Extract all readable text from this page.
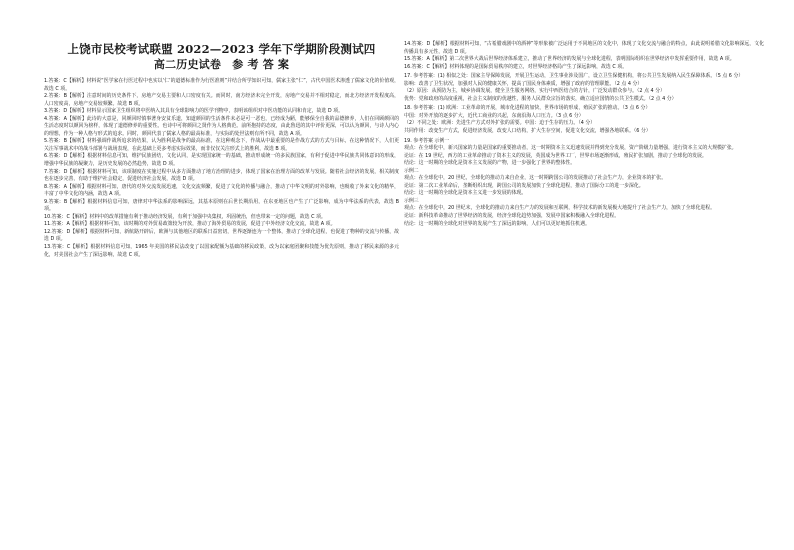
上饶市民校考试联盟 2022—2023 学年下学期阶段测试四
高二历史试卷　参 考 答 案

1.答案：C【解析】材料说“医学家在行医过程中也实以‘仁’的道德标准作为行医准则”并结合所学知识可知，儒家主张“仁”，古代中国医术渗透了儒家文化的价值观，故选 C 项。

2.答案：B【解析】注意时间的历史条件下，房地产交易主要和人口密度有关。而同时，南方经济未完全开发，房地产交易并不相对稳定，而北方经济开发程度高，人口密度高，房地产交易较频繁。故选 B 项。

3.答案：D【解析】材料显示国家卫生组织将中医纳入其具有全球影响力的医学刊物中，表明该组织对中医功能的认同和肯定，故选 D 项。

4.答案：A【解析】此诗的大意是，同颜回时慎事著身安贫乐道，知道颜回的生活条件未必是可一恶也，已经成为陋，能够保全自我的品德修养，人们在回顾颜回的生活态度时以颜回为榜样，体现了道德修养的重要性。也诗中可将颜回之贤作为人格典范。前所抱持的态度，由此鲁迅的其中评价更深，可以认为颜回，与诗人内心的理想，作为一种人格与形式的追求。同时，颜回代表了儒家人格的最高标准，与实际的处世法则有所不同，故选 A 项。

5.答案：B【解析】材料强调作战所追求的结果，认为胜利是战争的最高标准，在这种观念下，作战从中最重要的是作战方式的方式与目标，在这种情况下，人们更关注军事战术中的战斗部署与战场表现，在此基础上更多考虑实际效果，而非仅仅关注形式上的胜利，故选 B 项。

6.答案：D【解析】根据材料信息可知，维护民族团结，文化认同，是实现国家统一的基础，推动形成统一的多民族国家，有利于促进中华民族共同体意识的形成，增强中华民族的凝聚力，是历史发展的必然趋势，故选 D 项。

7.答案：D【解析】根据材料可知，该项制度在实施过程中从多方面推动了地方治理的进步，体现了国家在治理方面的改革与发展。随着社会经济的发展，相关制度也在逐步完善，有助于维护社会稳定，促进经济社会发展，故选 D 项。

8.答案：A【解析】根据材料可知，唐代的对外交流发展迅速，文化交流频繁，促进了文化的传播与融合，推动了中华文明的对外影响，也吸收了外来文化的精华，丰富了中华文化的内涵，故选 A 项。

9.答案：B【解析】根据材料信息可知，唐律对中华法系的影响深远，其基本原则在后世长期沿用，在东亚地区也产生了广泛影响，成为中华法系的代表，故选 B 项。

10.答案：C【解析】材料中的改革措施有利于推动经济发展，有利于加强中央集权，巩固统治，但也带来一定的问题，故选 C 项。

11.答案：A【解析】根据材料可知，该时期的对外贸易政策较为开放，推动了海外贸易的发展，促进了中外经济文化交流，故选 A 项。

12.答案：D【解析】根据材料可知，新航路开辟后，欧洲与其他地区的联系日益密切，世界逐渐连为一个整体，推动了全球化进程，也促进了物种的交流与传播，故选 D 项。

13.答案：C【解析】根据材料信息可知，1965 年美国的移民法改变了以国家配额为基础的移民政策，改为以家庭团聚和技能为优先原则，推动了移民来源的多元化，对美国社会产生了深远影响，故选 C 项。

14.答案：D【解析】根据材料可知，“古希腊戏剧中的酒神”等形象被广泛运用于不同地区的文化中，体现了文化交流与融合的特点，由此说明希腊文化影响深远，文化传播具有多元性，故选 D 项。

15.答案：A【解析】第二次世界大战后世界经济体系建立，推动了世界经济的发展与全球化进程，表明国际组织在世界经济中发挥重要作用，故选 A 项。

16.答案：C【解析】材料体现的是国际贸易秩序的建立，对世界经济格局产生了深远影响，故选 C 项。

17. 参考答案：(1) 相似之处：国家主导保障发展，开展卫生运动，卫生事业涉及国广，设立卫生保健机构，将公共卫生发展纳入民生保障体系。（5 点 6 分）

影响：改善了卫生状况，加强对人民的健康关怀，提高了国民身体素质，增强了政府的管理职能。（2 点 4 分）

（2）原因：从预防为主，城乡协调发展，健全卫生服务网络，实行中西医结合的方针，广泛发动群众参与。（2 点 4 分）

优势：党和政府的高度重视，社会主义制度的优越性，服务人民群众宗旨的落实，确立适应国情的公共卫生模式。（2 点 4 分）

18. 参考答案：(1) 欧洲：工业革命的开展，城市化进程的加快，世界市场的形成，殖民扩张的推动。（3 点 6 分）

中国：对外开放的逐步扩大，近代工商业的兴起，东南沿海人口压力。（3 点 6 分）

（2）不同之处：欧洲：先进生产方式对外扩张的需要。中国：迫于生存的压力。（4 分）

共同作用：改变生产方式，促进经济发展，改变人口结构，扩大生存空间，促进文化交流，增强各地联系。（6 分）

19. 参考答案 示例一

观点：在全球化中，新兴国家的力量是国家的重要推动者，这一时期资本主义迅速发展并得到充分发展，资产阶级力量增强，进行资本主义的大规模扩张。

论证：在 19 世纪，西方的工业革命推动了资本主义的发展，英国成为世界工厂，世界市场逐渐形成，殖民扩张加剧，推动了全球化的发展。

结论：这一时期的全球化是资本主义发展的产物，进一步强化了世界的整体性。

示例二

观点：在全球化中，20 世纪，全球化的推动力来自企业，这一时期跨国公司的发展推动了社会生产力，企业资本的扩张。

论证：第二次工业革命后，垄断组织出现，跨国公司的发展加快了全球化进程，推动了国际分工的进一步深化。

结论：这一时期的全球化是资本主义进一步发展的体现。

示例三

观点：在全球化中，20 世纪末，全球化的推动力来自生产力的发展和互联网，科学技术的新发展极大地提升了社会生产力，加快了全球化进程。

论证：新科技革命推动了世界经济的发展，经济全球化趋势加强，发展中国家积极融入全球化进程。

结论：这一时期的全球化对世界的发展产生了深远的影响，人们可以更好地抓住机遇。
